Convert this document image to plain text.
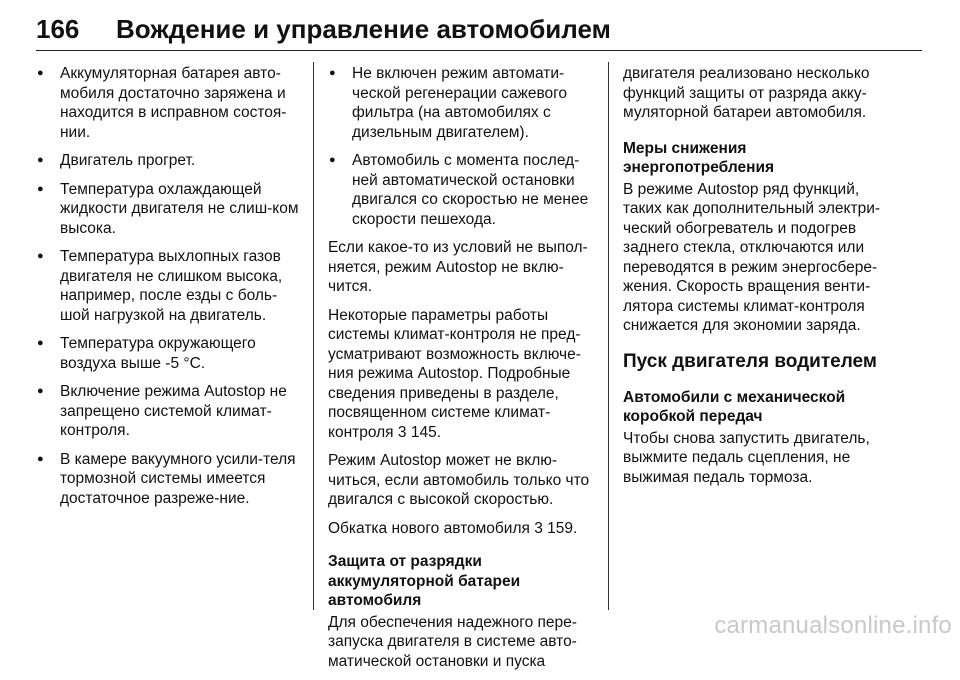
166 Вождение и управление автомобилем
● Аккумуляторная батарея авто-мобиля достаточно заряжена и находится в исправном состоя-нии.
● Двигатель прогрет.
● Температура охлаждающей жидкости двигателя не слиш-ком высока.
● Температура выхлопных газов двигателя не слишком высока, например, после езды с боль-шой нагрузкой на двигатель.
● Температура окружающего воздуха выше -5 °C.
● Включение режима Autostop не запрещено системой климат-контроля.
● В камере вакуумного усили-теля тормозной системы имеется достаточное разреже-ние.
● Не включен режим автомати-ческой регенерации сажевого фильтра (на автомобилях с дизельным двигателем).
● Автомобиль с момента послед-ней автоматической остановки двигался со скоростью не менее скорости пешехода.

Если какое-то из условий не выпол-няется, режим Autostop не вклю-чится.

Некоторые параметры работы системы климат-контроля не пред-усматривают возможность включе-ния режима Autostop. Подробные сведения приведены в разделе, посвященном системе климат-контроля 3 145.

Режим Autostop может не вклю-читься, если автомобиль только что двигался с высокой скоростью.

Обкатка нового автомобиля 3 159.

Защита от разрядки аккумуляторной батареи автомобиля

Для обеспечения надежного пере-запуска двигателя в системе авто-матической остановки и пуска

двигателя реализовано несколько функций защиты от разряда акку-муляторной батареи автомобиля.

Меры снижения энергопотребления

В режиме Autostop ряд функций, таких как дополнительный электри-ческий обогреватель и подогрев заднего стекла, отключаются или переводятся в режим энергосбере-жения. Скорость вращения венти-лятора системы климат-контроля снижается для экономии заряда.

Пуск двигателя водителем
Автомобили с механической коробкой передач

Чтобы снова запустить двигатель, выжмите педаль сцепления, не выжимая педаль тормоза.

carmanualsonline.info
